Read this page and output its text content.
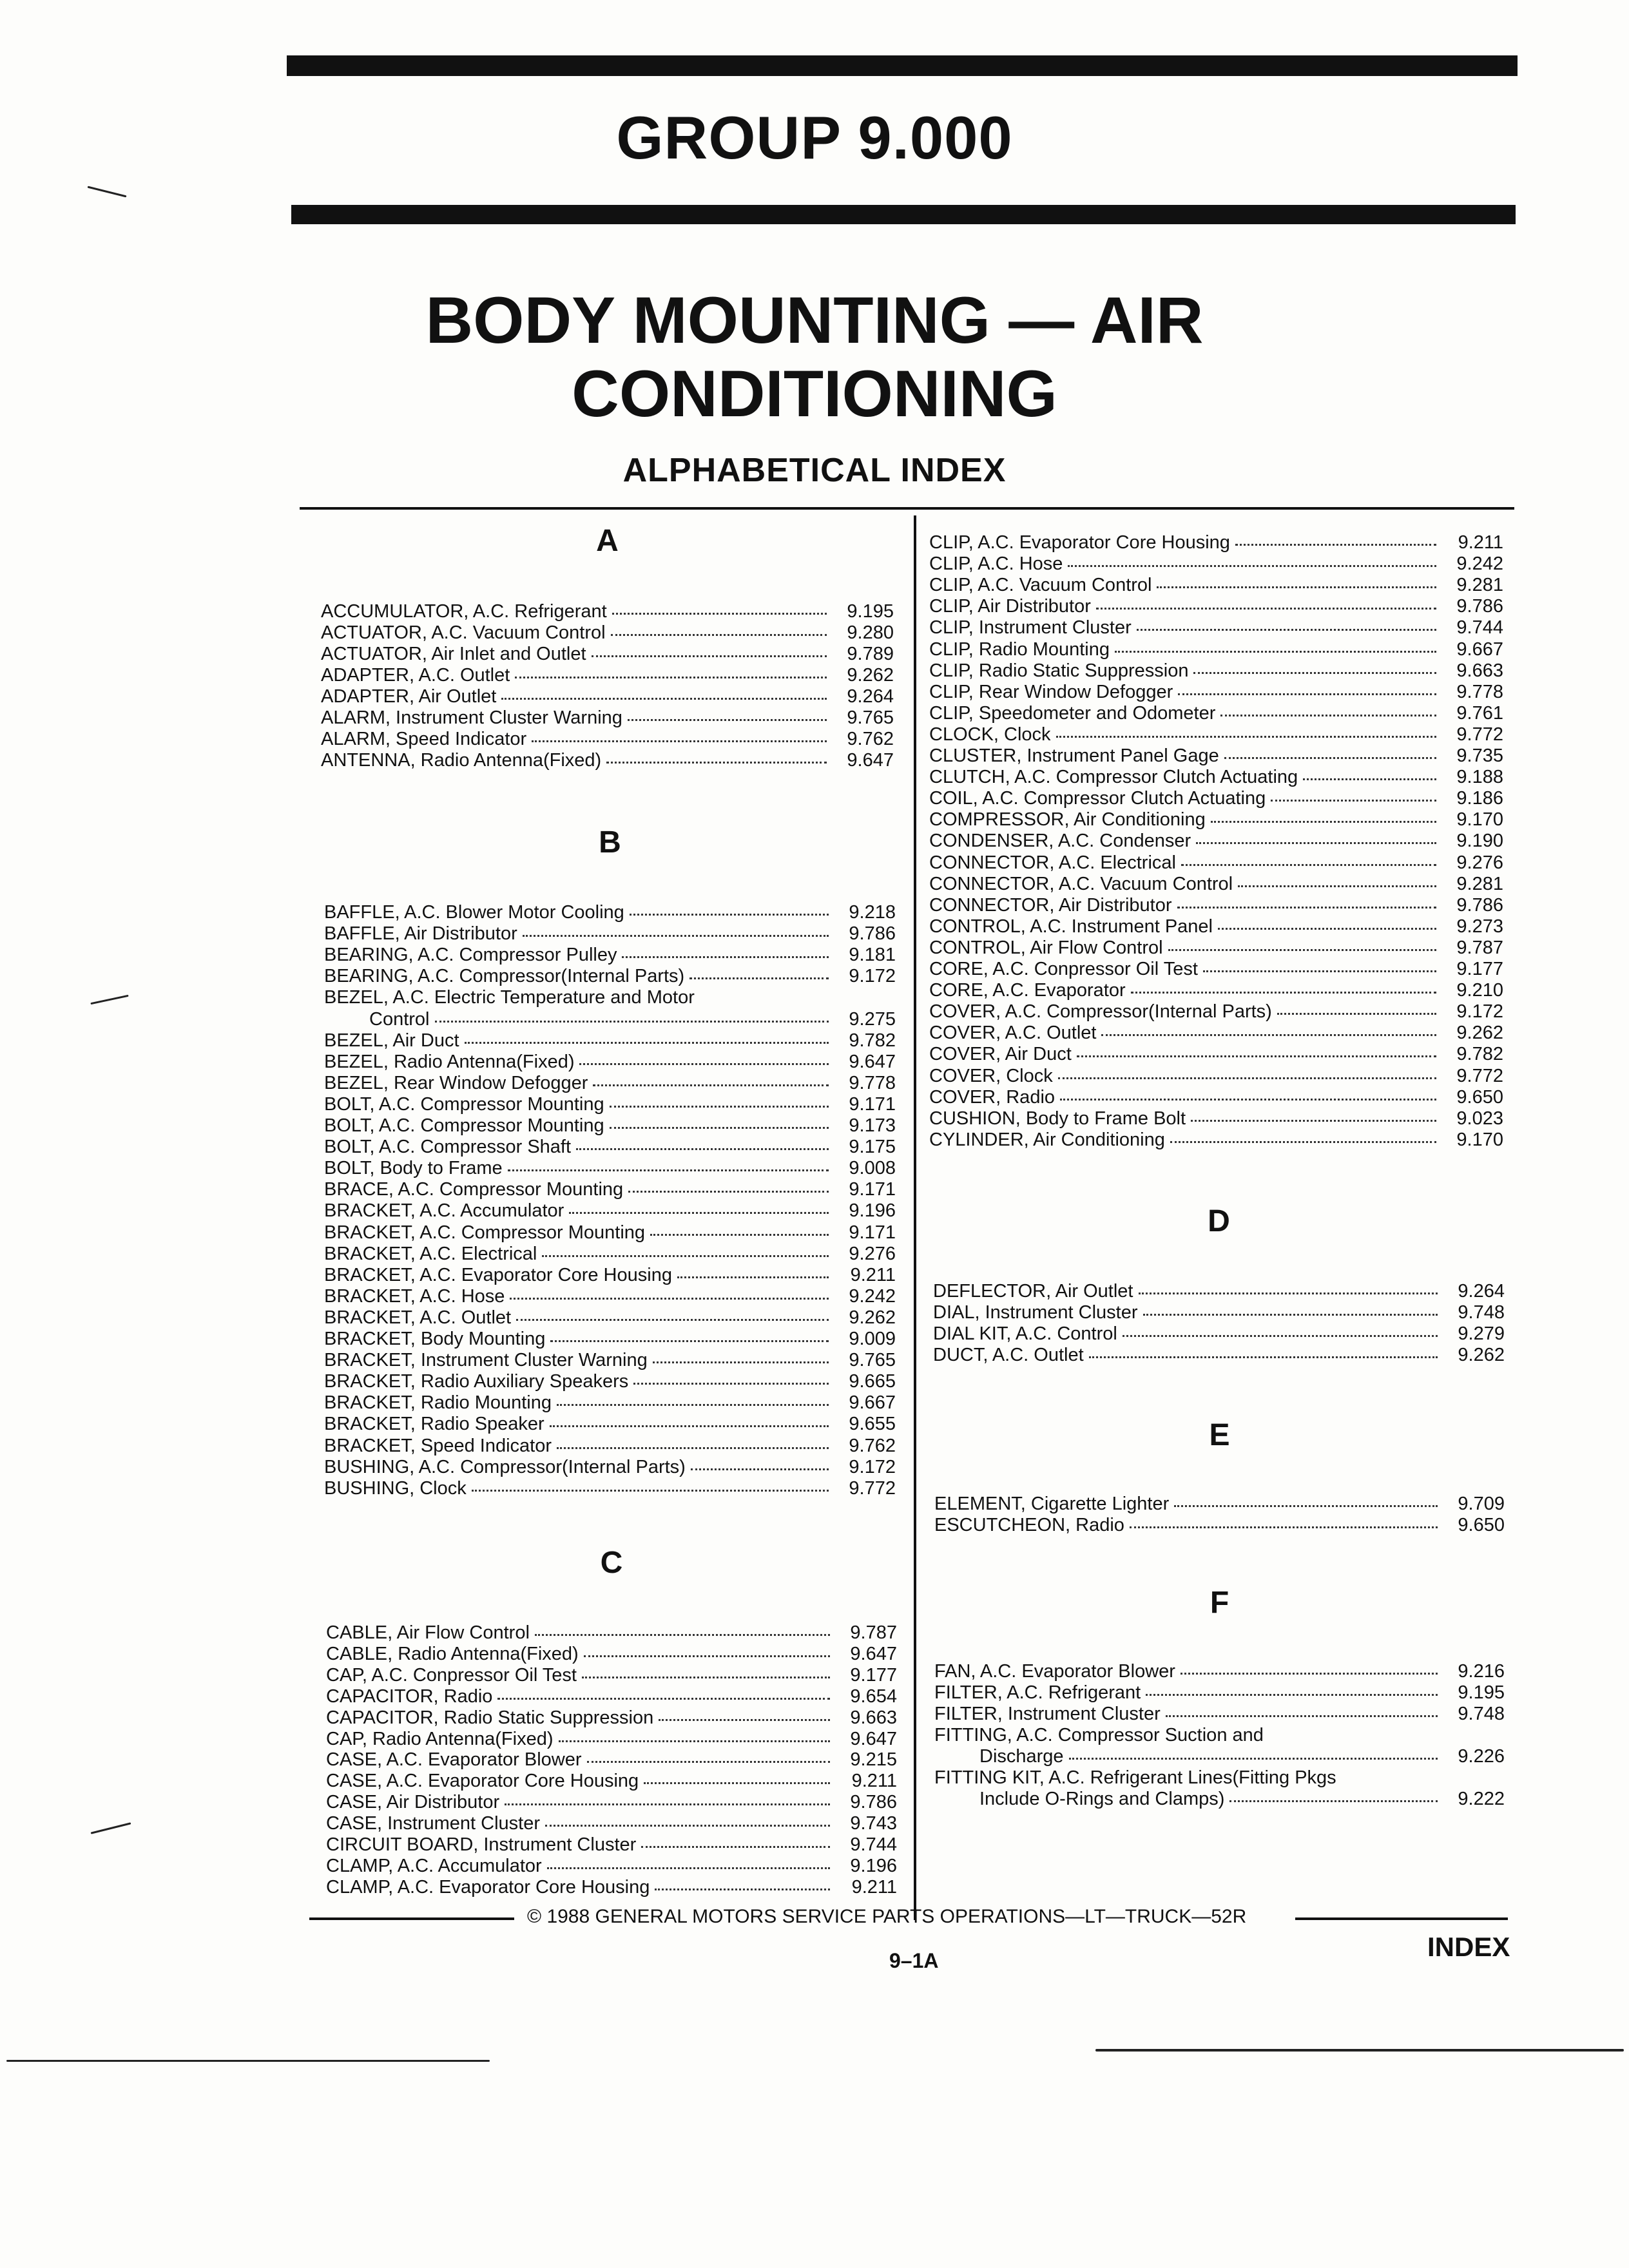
GROUP 9.000
BODY MOUNTING — AIR
CONDITIONING
ALPHABETICAL INDEX
A
ACCUMULATOR, A.C. Refrigerant	9.195
ACTUATOR, A.C. Vacuum Control	9.280
ACTUATOR, Air Inlet and Outlet	9.789
ADAPTER, A.C. Outlet	9.262
ADAPTER, Air Outlet	9.264
ALARM, Instrument Cluster Warning	9.765
ALARM, Speed Indicator	9.762
ANTENNA, Radio Antenna(Fixed)	9.647
B
BAFFLE, A.C. Blower Motor Cooling	9.218
BAFFLE, Air Distributor	9.786
BEARING, A.C. Compressor Pulley	9.181
BEARING, A.C. Compressor(Internal Parts)	9.172
BEZEL, A.C. Electric Temperature and Motor
Control	9.275
BEZEL, Air Duct	9.782
BEZEL, Radio Antenna(Fixed)	9.647
BEZEL, Rear Window Defogger	9.778
BOLT, A.C. Compressor Mounting	9.171
BOLT, A.C. Compressor Mounting	9.173
BOLT, A.C. Compressor Shaft	9.175
BOLT, Body to Frame	9.008
BRACE, A.C. Compressor Mounting	9.171
BRACKET, A.C. Accumulator	9.196
BRACKET, A.C. Compressor Mounting	9.171
BRACKET, A.C. Electrical	9.276
BRACKET, A.C. Evaporator Core Housing	9.211
BRACKET, A.C. Hose	9.242
BRACKET, A.C. Outlet	9.262
BRACKET, Body Mounting	9.009
BRACKET, Instrument Cluster Warning	9.765
BRACKET, Radio Auxiliary Speakers	9.665
BRACKET, Radio Mounting	9.667
BRACKET, Radio Speaker	9.655
BRACKET, Speed Indicator	9.762
BUSHING, A.C. Compressor(Internal Parts)	9.172
BUSHING, Clock	9.772
C
CABLE, Air Flow Control	9.787
CABLE, Radio Antenna(Fixed)	9.647
CAP, A.C. Conpressor Oil Test	9.177
CAPACITOR, Radio	9.654
CAPACITOR, Radio Static Suppression	9.663
CAP, Radio Antenna(Fixed)	9.647
CASE, A.C. Evaporator Blower	9.215
CASE, A.C. Evaporator Core Housing	9.211
CASE, Air Distributor	9.786
CASE, Instrument Cluster	9.743
CIRCUIT BOARD, Instrument Cluster	9.744
CLAMP, A.C. Accumulator	9.196
CLAMP, A.C. Evaporator Core Housing	9.211
CLIP, A.C. Evaporator Core Housing	9.211
CLIP, A.C. Hose	9.242
CLIP, A.C. Vacuum Control	9.281
CLIP, Air Distributor	9.786
CLIP, Instrument Cluster	9.744
CLIP, Radio Mounting	9.667
CLIP, Radio Static Suppression	9.663
CLIP, Rear Window Defogger	9.778
CLIP, Speedometer and Odometer	9.761
CLOCK, Clock	9.772
CLUSTER, Instrument Panel Gage	9.735
CLUTCH, A.C. Compressor Clutch Actuating	9.188
COIL, A.C. Compressor Clutch Actuating	9.186
COMPRESSOR, Air Conditioning	9.170
CONDENSER, A.C. Condenser	9.190
CONNECTOR, A.C. Electrical	9.276
CONNECTOR, A.C. Vacuum Control	9.281
CONNECTOR, Air Distributor	9.786
CONTROL, A.C. Instrument Panel	9.273
CONTROL, Air Flow Control	9.787
CORE, A.C. Conpressor Oil Test	9.177
CORE, A.C. Evaporator	9.210
COVER, A.C. Compressor(Internal Parts)	9.172
COVER, A.C. Outlet	9.262
COVER, Air Duct	9.782
COVER, Clock	9.772
COVER, Radio	9.650
CUSHION, Body to Frame Bolt	9.023
CYLINDER, Air Conditioning	9.170
D
DEFLECTOR, Air Outlet	9.264
DIAL, Instrument Cluster	9.748
DIAL KIT, A.C. Control	9.279
DUCT, A.C. Outlet	9.262
E
ELEMENT, Cigarette Lighter	9.709
ESCUTCHEON, Radio	9.650
F
FAN, A.C. Evaporator Blower	9.216
FILTER, A.C. Refrigerant	9.195
FILTER, Instrument Cluster	9.748
FITTING, A.C. Compressor Suction and
Discharge	9.226
FITTING KIT, A.C. Refrigerant Lines(Fitting Pkgs
Include O-Rings and Clamps)	9.222
© 1988 GENERAL MOTORS SERVICE PARTS OPERATIONS—LT—TRUCK—52R
9–1A	INDEX
